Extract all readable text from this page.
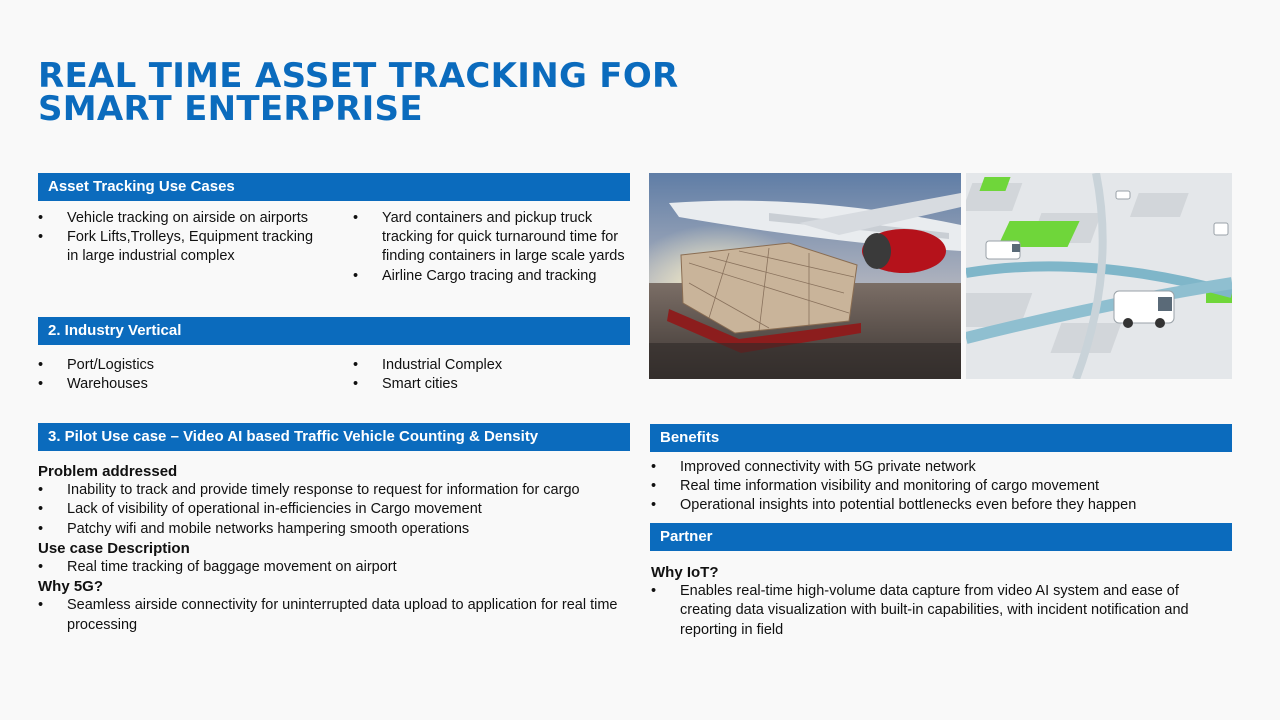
REAL TIME ASSET TRACKING FOR
SMART ENTERPRISE
Asset Tracking Use Cases
• Vehicle tracking on airside on airports
• Fork Lifts,Trolleys, Equipment tracking in large industrial complex
• Yard containers and pickup truck tracking for quick turnaround time for finding containers in large scale yards
• Airline Cargo tracing and tracking
2. Industry Vertical
• Port/Logistics
• Warehouses
• Industrial Complex
• Smart cities
3. Pilot Use case – Video AI based Traffic Vehicle Counting & Density
Problem addressed
• Inability to track and provide timely response to request for information for cargo
• Lack of visibility of operational in-efficiencies in Cargo movement
• Patchy wifi and mobile networks hampering smooth operations
Use case Description
• Real time tracking of baggage movement on airport
Why 5G?
• Seamless airside connectivity for uninterrupted data upload to application for real time processing
Benefits
• Improved connectivity with 5G private network
• Real time information visibility and monitoring of cargo movement
• Operational insights into potential bottlenecks even before they happen
Partner
Why IoT?
• Enables real-time high-volume data capture from video AI system and ease of creating data visualization with built-in capabilities, with incident notification and reporting in field
